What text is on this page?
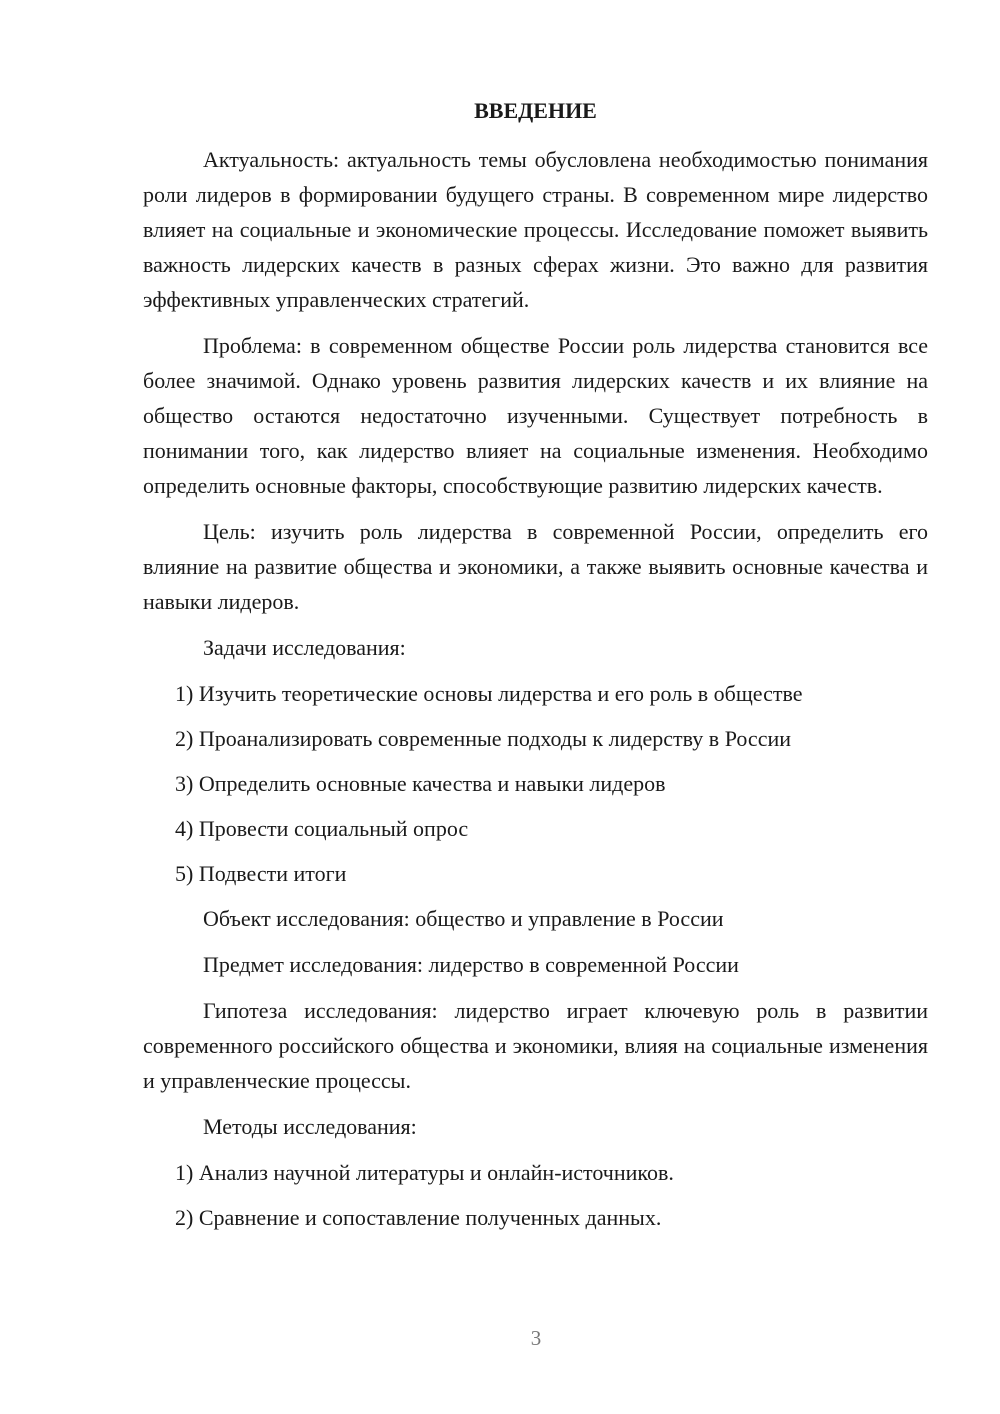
ВВЕДЕНИЕ

Актуальность: актуальность темы обусловлена необходимостью понимания роли лидеров в формировании будущего страны. В современном мире лидерство влияет на социальные и экономические процессы. Исследование поможет выявить важность лидерских качеств в разных сферах жизни. Это важно для развития эффективных управленческих стратегий.

Проблема: в современном обществе России роль лидерства становится все более значимой. Однако уровень развития лидерских качеств и их влияние на общество остаются недостаточно изученными. Существует потребность в понимании того, как лидерство влияет на социальные изменения. Необходимо определить основные факторы, способствующие развитию лидерских качеств.

Цель: изучить роль лидерства в современной России, определить его влияние на развитие общества и экономики, а также выявить основные качества и навыки лидеров.

Задачи исследования:

1) Изучить теоретические основы лидерства и его роль в обществе

2) Проанализировать современные подходы к лидерству в России

3) Определить основные качества и навыки лидеров

4) Провести социальный опрос

5) Подвести итоги

Объект исследования: общество и управление в России

Предмет исследования: лидерство в современной России

Гипотеза исследования: лидерство играет ключевую роль в развитии современного российского общества и экономики, влияя на социальные изменения и управленческие процессы.

Методы исследования:

1) Анализ научной литературы и онлайн-источников.

2) Сравнение и сопоставление полученных данных.

3
